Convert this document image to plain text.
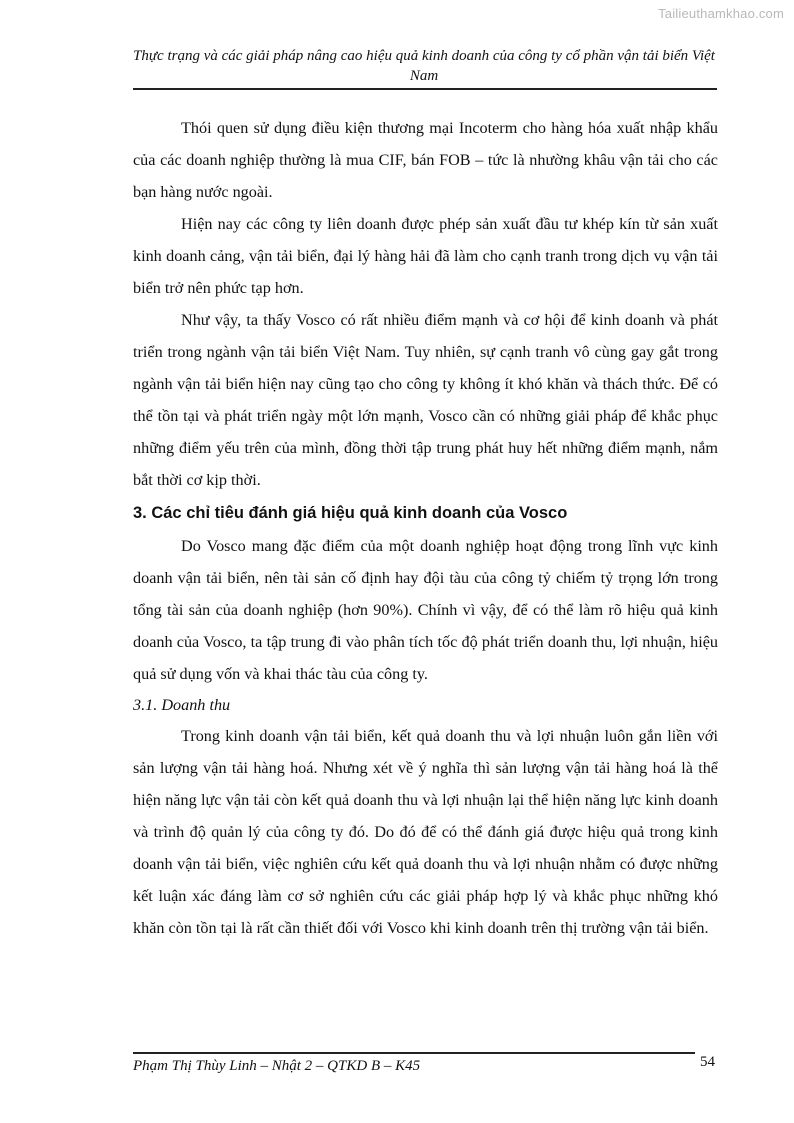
Tailieuthamkhao.com
Thực trạng và các giải pháp nâng cao hiệu quả kinh doanh của công ty cổ phần vận tải biển Việt Nam

Thói quen sử dụng điều kiện thương mại Incoterm cho hàng hóa xuất nhập khẩu của các doanh nghiệp thường là mua CIF, bán FOB – tức là nhường khâu vận tải cho các bạn hàng nước ngoài.

Hiện nay các công ty liên doanh được phép sản xuất đầu tư khép kín từ sản xuất kinh doanh cảng, vận tải biển, đại lý hàng hải đã làm cho cạnh tranh trong dịch vụ vận tải biển trở nên phức tạp hơn.

Như vậy, ta thấy Vosco có rất nhiều điểm mạnh và cơ hội để kinh doanh và phát triển trong ngành vận tải biển Việt Nam. Tuy nhiên, sự cạnh tranh vô cùng gay gắt trong ngành vận tải biển hiện nay cũng tạo cho công ty không ít khó khăn và thách thức. Để có thể tồn tại và phát triển ngày một lớn mạnh, Vosco cần có những giải pháp để khắc phục những điểm yếu trên của mình, đồng thời tập trung phát huy hết những điểm mạnh, nắm bắt thời cơ kịp thời.

3. Các chỉ tiêu đánh giá hiệu quả kinh doanh của Vosco

Do Vosco mang đặc điểm của một doanh nghiệp hoạt động trong lĩnh vực kinh doanh vận tải biển, nên tài sản cố định hay đội tàu của công tỷ chiếm tỷ trọng lớn trong tổng tài sản của doanh nghiệp (hơn 90%). Chính vì vậy, để có thể làm rõ hiệu quả kinh doanh của Vosco, ta tập trung đi vào phân tích tốc độ phát triển doanh thu, lợi nhuận, hiệu quả sử dụng vốn và khai thác tàu của công ty.

3.1. Doanh thu

Trong kinh doanh vận tải biển, kết quả doanh thu và lợi nhuận luôn gắn liền với sản lượng vận tải hàng hoá. Nhưng xét về ý nghĩa thì sản lượng vận tải hàng hoá là thể hiện năng lực vận tải còn kết quả doanh thu và lợi nhuận lại thể hiện năng lực kinh doanh và trình độ quản lý của công ty đó. Do đó để có thể đánh giá được hiệu quả trong kinh doanh vận tải biển, việc nghiên cứu kết quả doanh thu và lợi nhuận nhằm có được những kết luận xác đáng làm cơ sở nghiên cứu các giải pháp hợp lý và khắc phục những khó khăn còn tồn tại là rất cần thiết đối với Vosco khi kinh doanh trên thị trường vận tải biển.

Phạm Thị Thùy Linh – Nhật 2 – QTKD B – K45	54
